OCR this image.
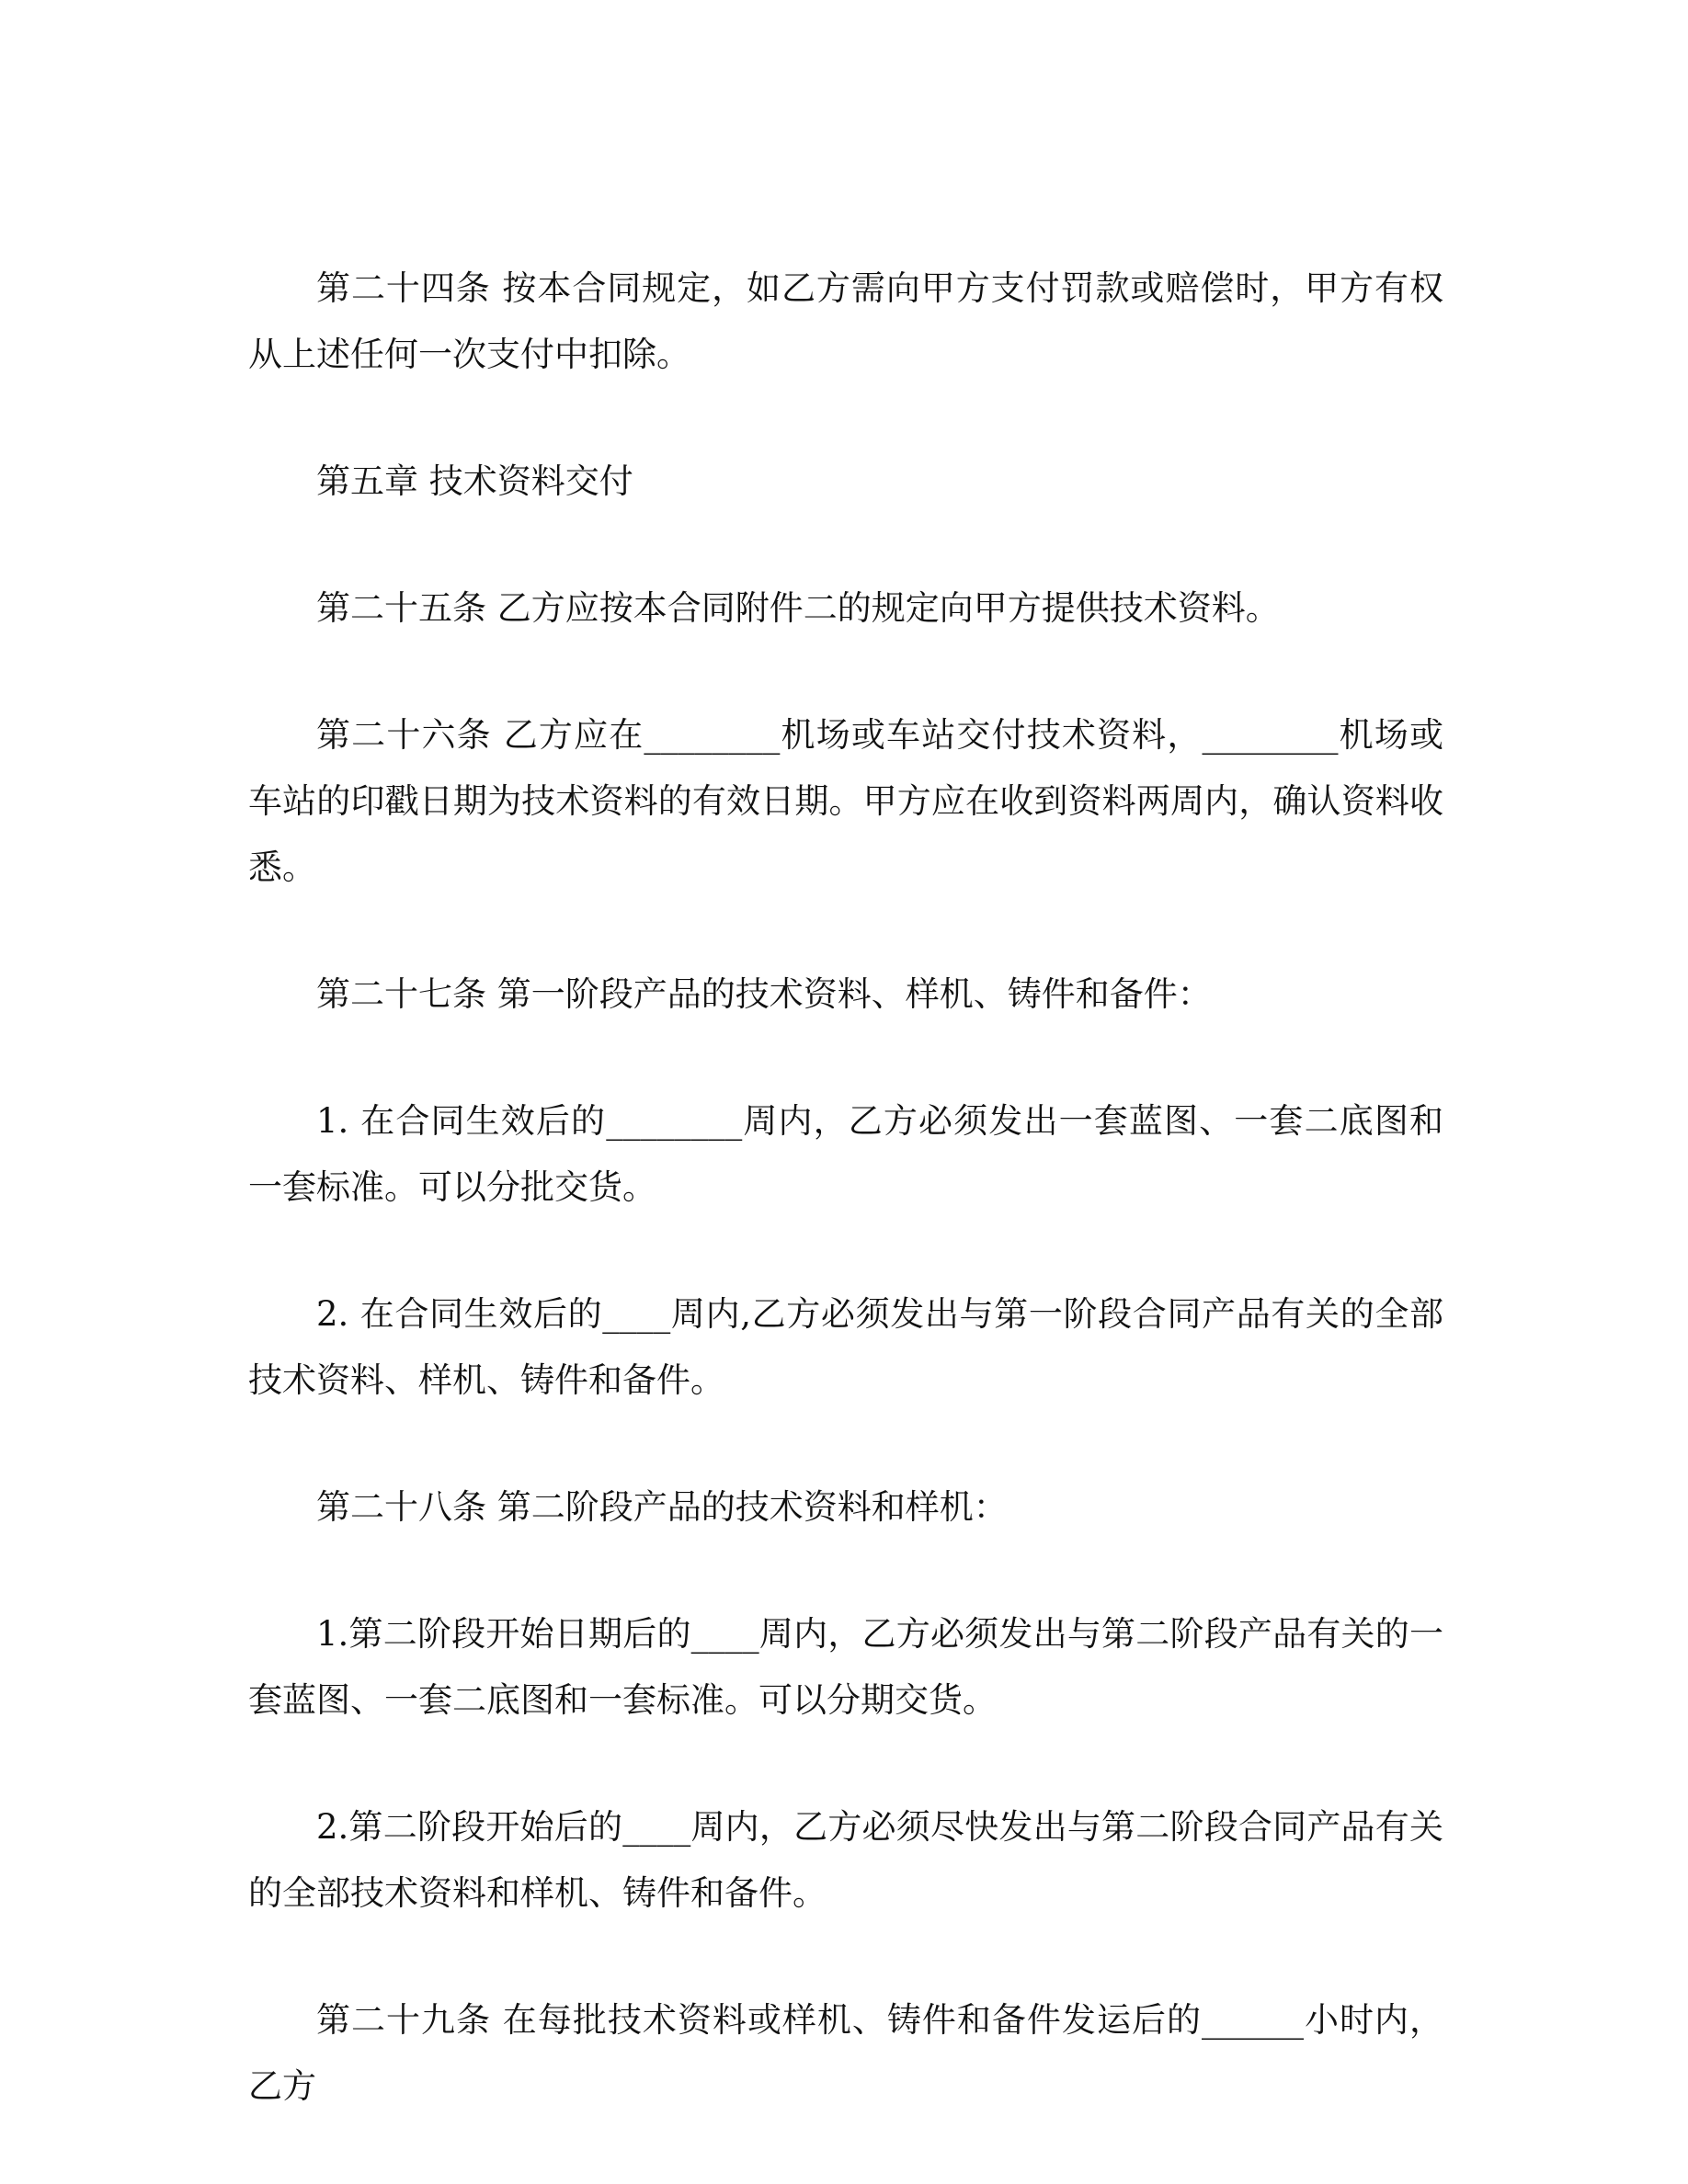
第二十四条 按本合同规定，如乙方需向甲方支付罚款或赔偿时，甲方有权从上述任何一次支付中扣除。

第五章 技术资料交付

第二十五条 乙方应按本合同附件二的规定向甲方提供技术资料。

第二十六条 乙方应在________机场或车站交付技术资料，________机场或车站的印戳日期为技术资料的有效日期。甲方应在收到资料两周内，确认资料收悉。

第二十七条 第一阶段产品的技术资料、样机、铸件和备件：

1. 在合同生效后的________周内，乙方必须发出一套蓝图、一套二底图和一套标准。可以分批交货。

2. 在合同生效后的____周内,乙方必须发出与第一阶段合同产品有关的全部技术资料、样机、铸件和备件。

第二十八条 第二阶段产品的技术资料和样机：

1.第二阶段开始日期后的____周内，乙方必须发出与第二阶段产品有关的一套蓝图、一套二底图和一套标准。可以分期交货。

2.第二阶段开始后的____周内，乙方必须尽快发出与第二阶段合同产品有关的全部技术资料和样机、铸件和备件。

第二十九条 在每批技术资料或样机、铸件和备件发运后的______小时内，乙方
